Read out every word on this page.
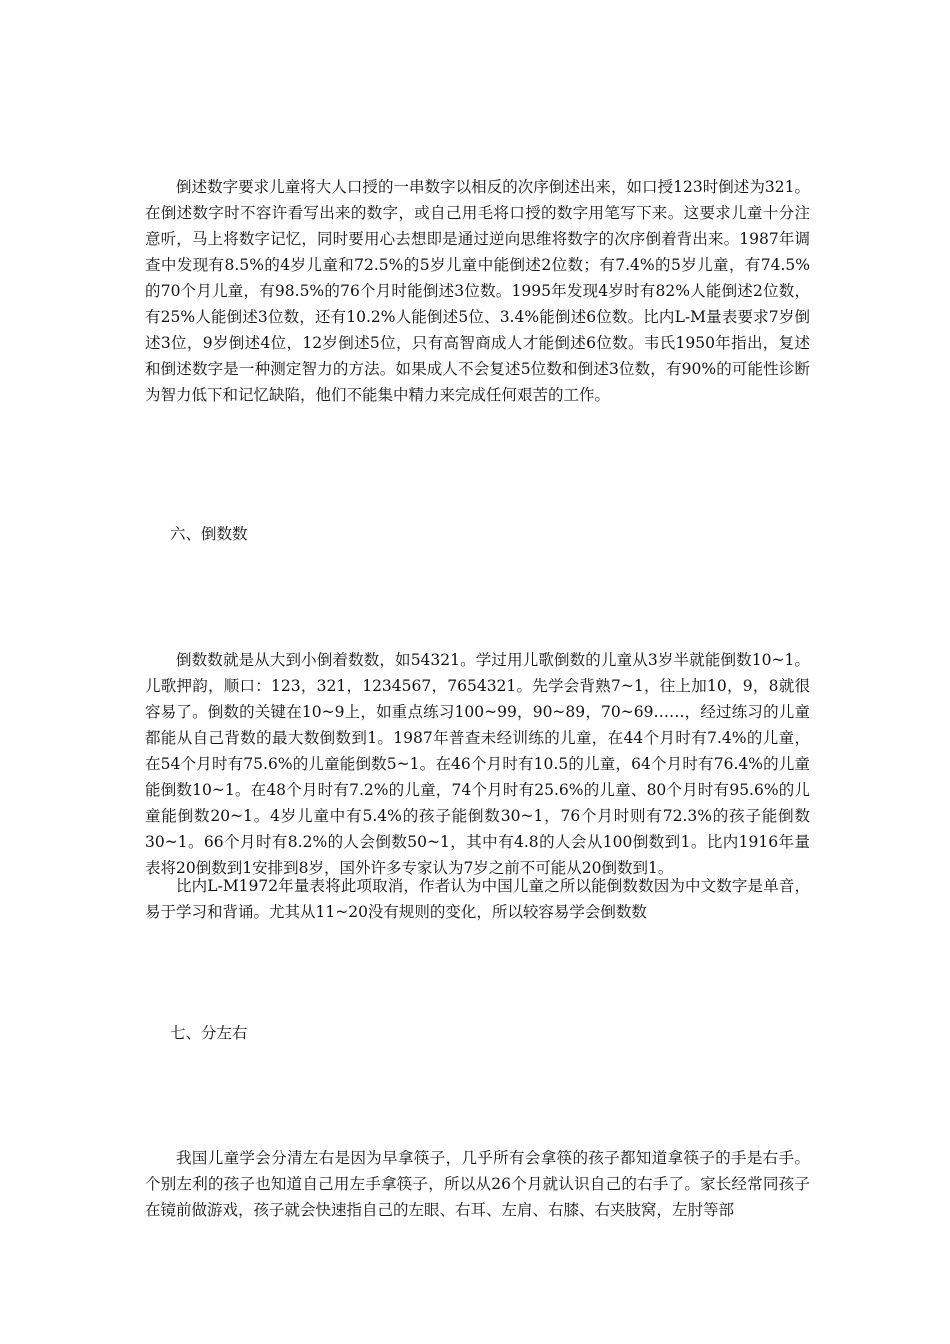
倒述数字要求儿童将大人口授的一串数字以相反的次序倒述出来，如口授123时倒述为321。在倒述数字时不容许看写出来的数字，或自己用毛将口授的数字用笔写下来。这要求儿童十分注意听，马上将数字记忆，同时要用心去想即是通过逆向思维将数字的次序倒着背出来。1987年调查中发现有8.5%的4岁儿童和72.5%的5岁儿童中能倒述2位数；有7.4%的5岁儿童，有74.5%的70个月儿童，有98.5%的76个月时能倒述3位数。1995年发现4岁时有82%人能倒述2位数，有25%人能倒述3位数，还有10.2%人能倒述5位、3.4%能倒述6位数。比内L-M量表要求7岁倒述3位，9岁倒述4位，12岁倒述5位，只有高智商成人才能倒述6位数。韦氏1950年指出，复述和倒述数字是一种测定智力的方法。如果成人不会复述5位数和倒述3位数，有90%的可能性诊断为智力低下和记忆缺陷，他们不能集中精力来完成任何艰苦的工作。

六、倒数数

倒数数就是从大到小倒着数数，如54321。学过用儿歌倒数的儿童从3岁半就能倒数10~1。儿歌押韵，顺口：123，321，1234567，7654321。先学会背熟7~1，往上加10，9，8就很容易了。倒数的关键在10~9上，如重点练习100~99，90~89，70~69……，经过练习的儿童都能从自己背数的最大数倒数到1。1987年普查未经训练的儿童，在44个月时有7.4%的儿童，在54个月时有75.6%的儿童能倒数5~1。在46个月时有10.5的儿童，64个月时有76.4%的儿童能倒数10~1。在48个月时有7.2%的儿童，74个月时有25.6%的儿童、80个月时有95.6%的儿童能倒数20~1。4岁儿童中有5.4%的孩子能倒数30~1，76个月时则有72.3%的孩子能倒数30~1。66个月时有8.2%的人会倒数50~1，其中有4.8的人会从100倒数到1。比内1916年量表将20倒数到1安排到8岁，国外许多专家认为7岁之前不可能从20倒数到1。

比内L-M1972年量表将此项取消，作者认为中国儿童之所以能倒数数因为中文数字是单音，易于学习和背诵。尤其从11~20没有规则的变化，所以较容易学会倒数数

七、分左右

我国儿童学会分清左右是因为早拿筷子，几乎所有会拿筷的孩子都知道拿筷子的手是右手。个别左利的孩子也知道自己用左手拿筷子，所以从26个月就认识自己的右手了。家长经常同孩子在镜前做游戏，孩子就会快速指自己的左眼、右耳、左肩、右膝、右夹肢窝，左肘等部
